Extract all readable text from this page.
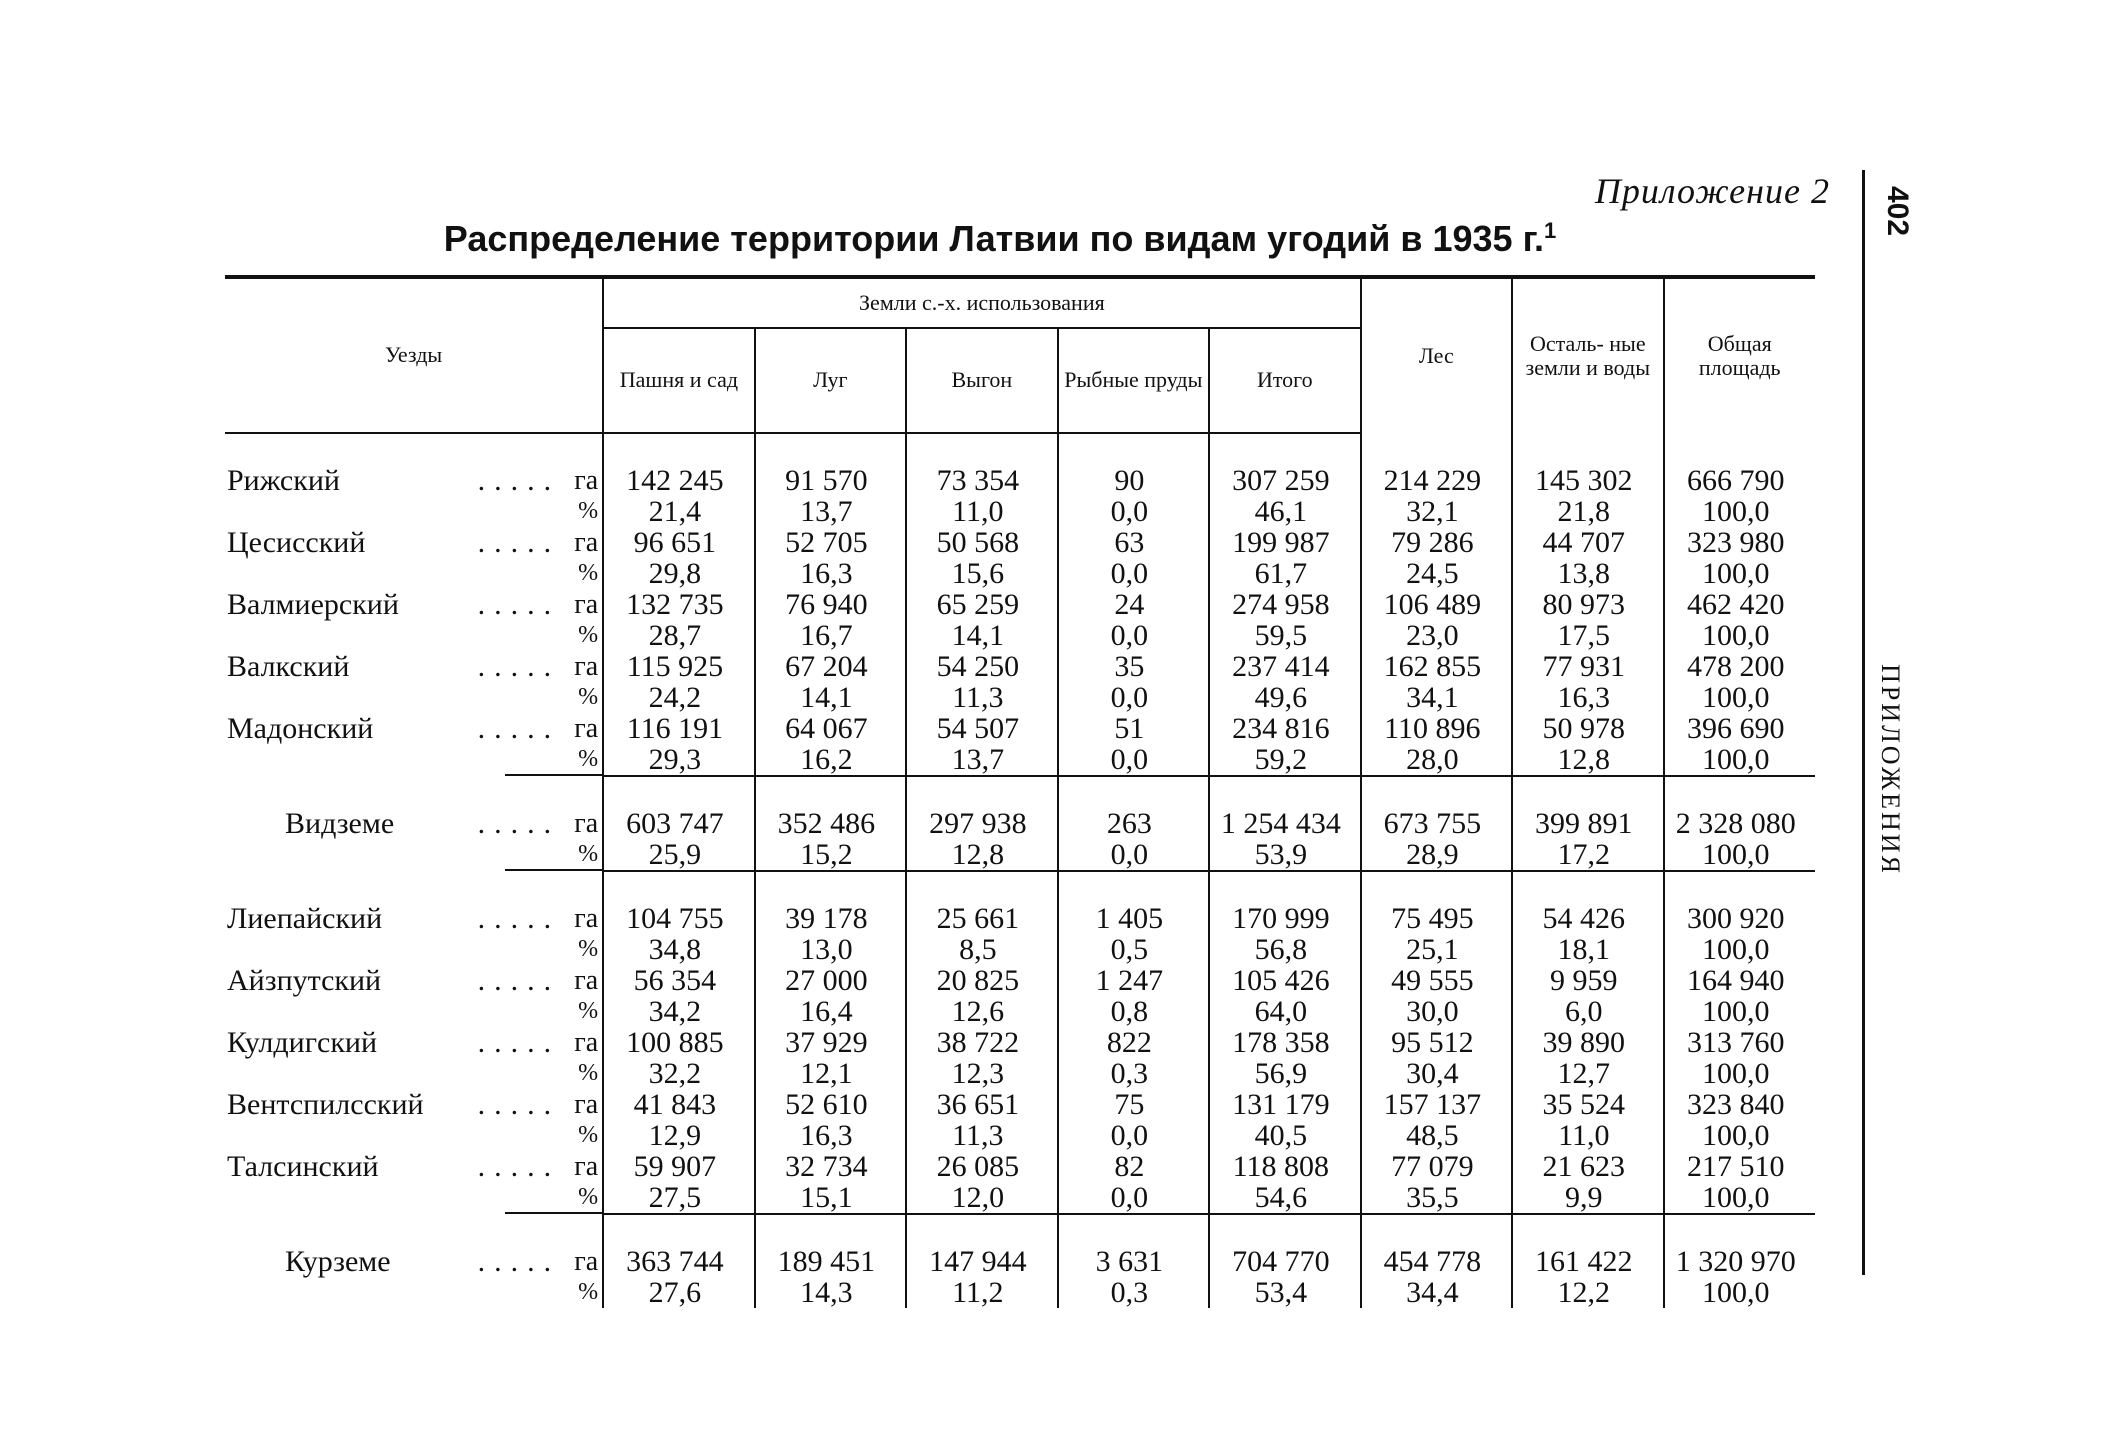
Приложение 2
Распределение территории Латвии по видам угодий в 1935 г.$^1$	402
ПРИЛОЖЕНИЯ
Уезды	Земли с.-х. использования					Лес	Осталь- ные земли и воды	Общая площадь
	Пашня и сад	Луг	Выгон	Рыбные пруды	Итого			

Рижский ..... га	142 245	91 570	73 354	90	307 259	214 229	145 302	666 790

%	21,4	13,7	11,0	0,0	46,1	32,1	21,8	100,0

Цесисский ..... га	96 651	52 705	50 568	63	199 987	79 286	44 707	323 980

%	29,8	16,3	15,6	0,0	61,7	24,5	13,8	100,0

Валмиерский ..... га	132 735	76 940	65 259	24	274 958	106 489	80 973	462 420

%	28,7	16,7	14,1	0,0	59,5	23,0	17,5	100,0

Валкский ..... га	115 925	67 204	54 250	35	237 414	162 855	77 931	478 200

%	24,2	14,1	11,3	0,0	49,6	34,1	16,3	100,0

Мадонский ..... га	116 191	64 067	54 507	51	234 816	110 896	50 978	396 690

%	29,3	16,2	13,7	0,0	59,2	28,0	12,8	100,0

Видземе ..... га	603 747	352 486	297 938	263	1 254 434	673 755	399 891	2 328 080

%	25,9	15,2	12,8	0,0	53,9	28,9	17,2	100,0

Лиепайский ..... га	104 755	39 178	25 661	1 405	170 999	75 495	54 426	300 920

%	34,8	13,0	8,5	0,5	56,8	25,1	18,1	100,0

Айзпутский ..... га	56 354	27 000	20 825	1 247	105 426	49 555	9 959	164 940

%	34,2	16,4	12,6	0,8	64,0	30,0	6,0	100,0

Кулдигский ..... га	100 885	37 929	38 722	822	178 358	95 512	39 890	313 760

%	32,2	12,1	12,3	0,3	56,9	30,4	12,7	100,0

Вентспилсский ..... га	41 843	52 610	36 651	75	131 179	157 137	35 524	323 840

%	12,9	16,3	11,3	0,0	40,5	48,5	11,0	100,0

Талсинский ..... га	59 907	32 734	26 085	82	118 808	77 079	21 623	217 510

%	27,5	15,1	12,0	0,0	54,6	35,5	9,9	100,0

Курземе ..... га	363 744	189 451	147 944	3 631	704 770	454 778	161 422	1 320 970

%	27,6	14,3	11,2	0,3	53,4	34,4	12,2	100,0
